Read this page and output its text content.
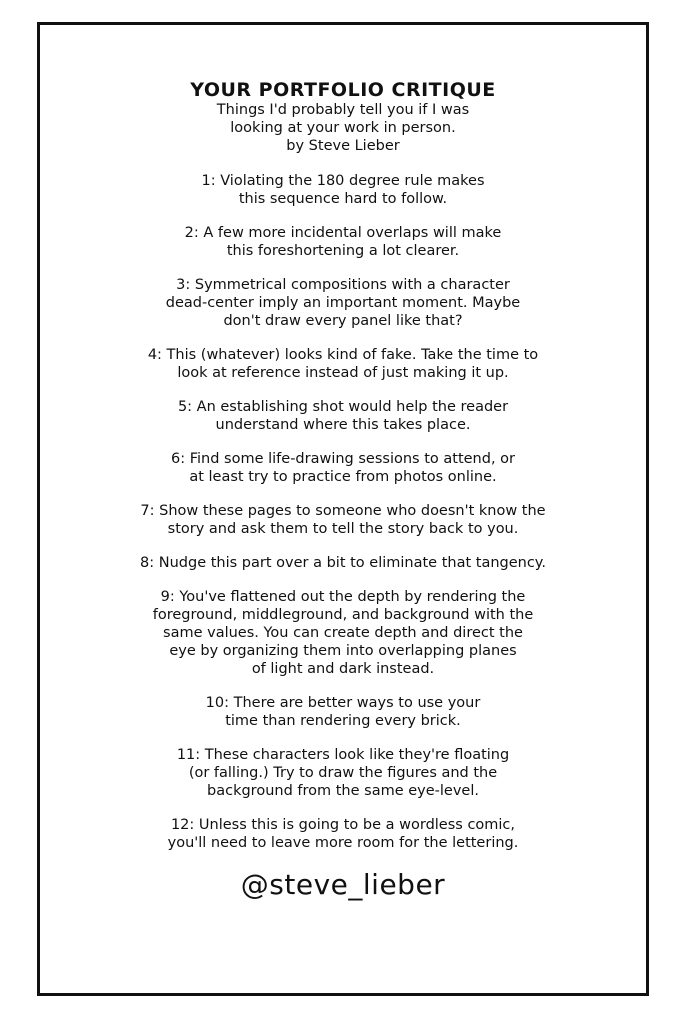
YOUR PORTFOLIO CRITIQUE

Things I'd probably tell you if I was
looking at your work in person.

by Steve Lieber

1: Violating the 180 degree rule makes
this sequence hard to follow.

2: A few more incidental overlaps will make
this foreshortening a lot clearer.

3: Symmetrical compositions with a character
dead-center imply an important moment. Maybe
don't draw every panel like that?

4: This (whatever) looks kind of fake. Take the time to
look at reference instead of just making it up.

5: An establishing shot would help the reader
understand where this takes place.

6: Find some life-drawing sessions to attend, or
at least try to practice from photos online.

7: Show these pages to someone who doesn't know the
story and ask them to tell the story back to you.

8: Nudge this part over a bit to eliminate that tangency.

9: You've flattened out the depth by rendering the
foreground, middleground, and background with the
same values. You can create depth and direct the
eye by organizing them into overlapping planes
of light and dark instead.

10: There are better ways to use your
time than rendering every brick.

11: These characters look like they're floating
(or falling.) Try to draw the figures and the
background from the same eye-level.

12: Unless this is going to be a wordless comic,
you'll need to leave more room for the lettering.

@steve_lieber
